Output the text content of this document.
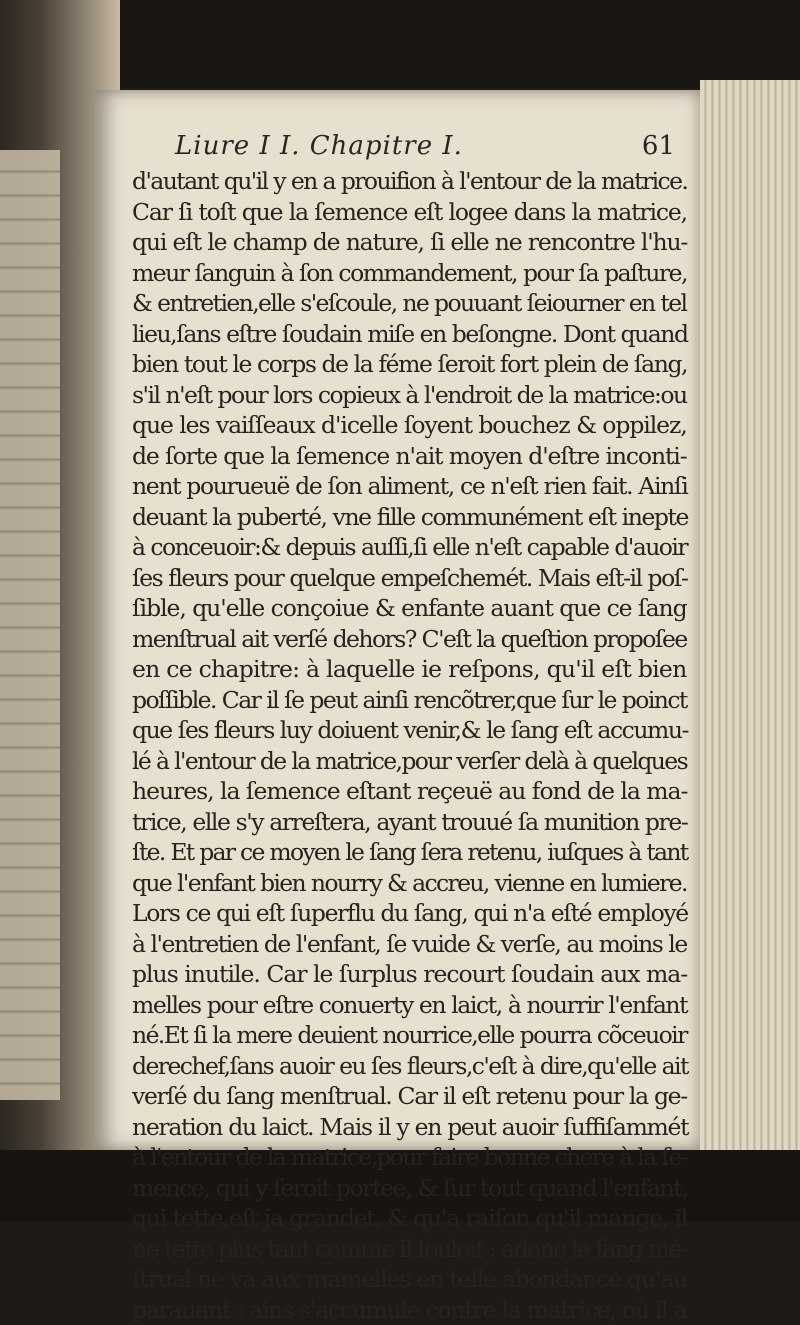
Liure I I. Chapitre I.	61
d'autant qu'il y en a prouifion à l'entour de la matrice.
Car ſi toſt que la ſemence eſt logee dans la matrice,
qui eſt le champ de nature, ſi elle ne rencontre l'hu-
meur ſanguin à ſon commandement, pour ſa paſture,
& entretien,elle s'eſcoule, ne pouuant ſeiourner en tel
lieu,ſans eſtre ſoudain miſe en beſongne. Dont quand
bien tout le corps de la féme ſeroit fort plein de ſang,
s'il n'eſt pour lors copieux à l'endroit de la matrice:ou
que les vaiſſeaux d'icelle ſoyent bouchez & oppilez,
de ſorte que la ſemence n'ait moyen d'eſtre inconti-
nent pourueuë de ſon aliment, ce n'eſt rien fait. Ainſi
deuant la puberté, vne fille communément eſt inepte
à conceuoir:& depuis auſſi,ſi elle n'eſt capable d'auoir
ſes fleurs pour quelque empeſchemét. Mais eſt-il poſ-
ſible, qu'elle conçoiue & enfante auant que ce ſang
menſtrual ait verſé dehors? C'eſt la queſtion propoſee
en ce chapitre: à laquelle ie reſpons, qu'il eſt bien
poſſible. Car il ſe peut ainſi rencõtrer,que ſur le poinct
que ſes fleurs luy doiuent venir,& le ſang eſt accumu-
lé à l'entour de la matrice,pour verſer delà à quelques
heures, la ſemence eſtant reçeuë au fond de la ma-
trice, elle s'y arreſtera, ayant trouué ſa munition pre-
ſte. Et par ce moyen le ſang ſera retenu, iuſques à tant
que l'enfant bien nourry & accreu, vienne en lumiere.
Lors ce qui eſt ſuperflu du ſang, qui n'a eſté employé
à l'entretien de l'enfant, ſe vuide & verſe, au moins le
plus inutile. Car le ſurplus recourt ſoudain aux ma-
melles pour eſtre conuerty en laict, à nourrir l'enfant
né.Et ſi la mere deuient nourrice,elle pourra cõceuoir
derechef,ſans auoir eu ſes fleurs,c'eſt à dire,qu'elle ait
verſé du ſang menſtrual. Car il eſt retenu pour la ge-
neration du laict. Mais il y en peut auoir ſuffiſammét
à l'entour de la matrice,pour faire bonne chere à la ſe-
mence, qui y ſeroit portee, & ſur tout quand l'enfant,
qui tette,eſt ja grandet, & qu'a raiſon qu'il mange, il
ne tette plus tant comme il ſouloit : adonc le ſang mé-
ſtrual ne va aux mamelles en telle abondance qu'au
parauant : ains s'accumule contre la matrice, où il a
